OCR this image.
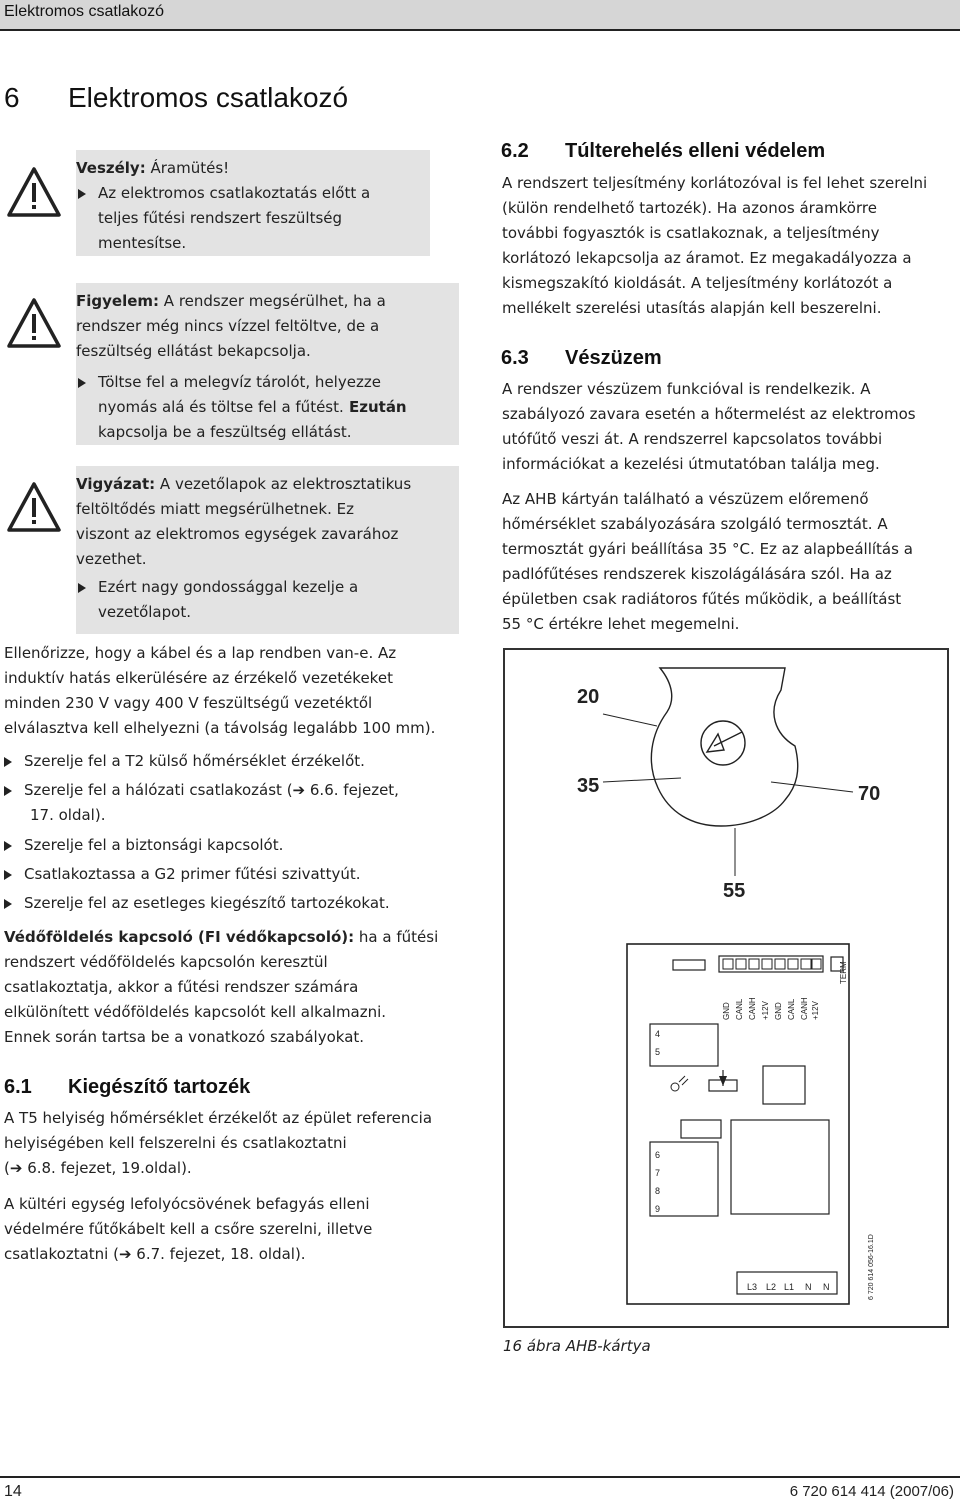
Elektromos csatlakozó
6 Elektromos csatlakozó
Veszély: Áramütés!
Az elektromos csatlakoztatás előtt a
teljes fűtési rendszert feszültség
mentesítse.
Figyelem: A rendszer megsérülhet, ha a
rendszer még nincs vízzel feltöltve, de a
feszültség ellátást bekapcsolja.
Töltse fel a melegvíz tárolót, helyezze
nyomás alá és töltse fel a fűtést. Ezután
kapcsolja be a feszültség ellátást.
Vigyázat: A vezetőlapok az elektrosztatikus
feltöltődés miatt megsérülhetnek. Ez
viszont az elektromos egységek zavarához
vezethet.
Ezért nagy gondossággal kezelje a
vezetőlapot.
Ellenőrizze, hogy a kábel és a lap rendben van-e. Az
induktív hatás elkerülésére az érzékelő vezetékeket
minden 230 V vagy 400 V feszültségű vezetéktől
elválasztva kell elhelyezni (a távolság legalább 100 mm).
Szerelje fel a T2 külső hőmérséklet érzékelőt.
Szerelje fel a hálózati csatlakozást (➔ 6.6. fejezet,
17. oldal).
Szerelje fel a biztonsági kapcsolót.
Csatlakoztassa a G2 primer fűtési szivattyút.
Szerelje fel az esetleges kiegészítő tartozékokat.
Védőföldelés kapcsoló (FI védőkapcsoló): ha a fűtési
rendszert védőföldelés kapcsolón keresztül
csatlakoztatja, akkor a fűtési rendszer számára
elkülönített védőföldelés kapcsolót kell alkalmazni.
Ennek során tartsa be a vonatkozó szabályokat.
6.1 Kiegészítő tartozék
A T5 helyiség hőmérséklet érzékelőt az épület referencia
helyiségében kell felszerelni és csatlakoztatni
(➔ 6.8. fejezet, 19.oldal).
A kültéri egység lefolyócsövének befagyás elleni
védelmére fűtőkábelt kell a csőre szerelni, illetve
csatlakoztatni (➔ 6.7. fejezet, 18. oldal).
6.2 Túlterehelés elleni védelem
A rendszert teljesítmény korlátozóval is fel lehet szerelni
(külön rendelhető tartozék). Ha azonos áramkörre
további fogyasztók is csatlakoznak, a teljesítmény
korlátozó lekapcsolja az áramot. Ez megakadályozza a
kismegszakító kioldását. A teljesítmény korlátozót a
mellékelt szerelési utasítás alapján kell beszerelni.
6.3 Vészüzem
A rendszer vészüzem funkcióval is rendelkezik. A
szabályozó zavara esetén a hőtermelést az elektromos
utófűtő veszi át. A rendszerrel kapcsolatos további
információkat a kezelési útmutatóban találja meg.
Az AHB kártyán található a vészüzem előremenő
hőmérséklet szabályozására szolgáló termosztát. A
termosztát gyári beállítása 35 °C. Ez az alapbeállítás a
padlófűtéses rendszerek kiszolágálására szól. Ha az
épületben csak radiátoros fűtés működik, a beállítást
55 °C értékre lehet megemelni.
20
35	70
55
GND CANL CANH +12V GND CANL CANH +12V
TERM
4
5
6
7
8
9
L3 L2 L1 N N	6 720 614 056-16.1D
16 ábra AHB-kártya
14	6 720 614 414 (2007/06)
